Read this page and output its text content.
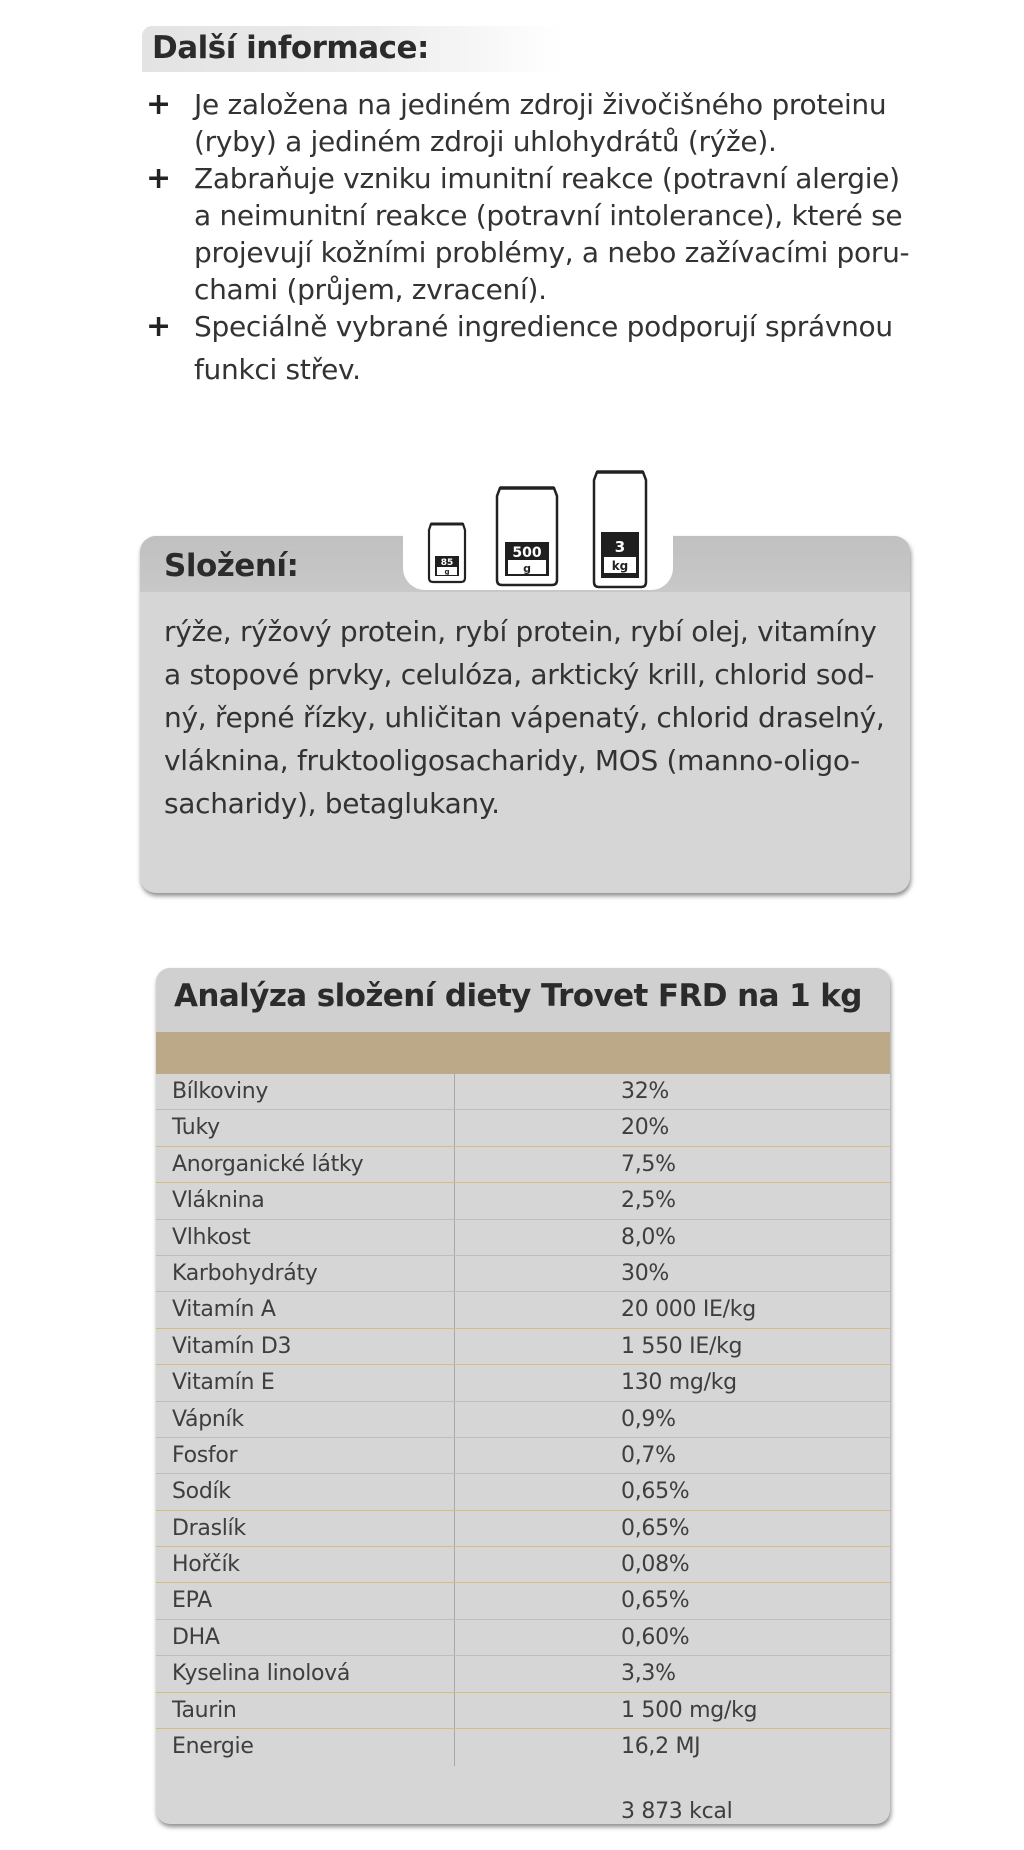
Další informace:
+ Je založena na jediném zdroji živočišného proteinu
(ryby) a jediném zdroji uhlohydrátů (rýže).
+ Zabraňuje vzniku imunitní reakce (potravní alergie)
a neimunitní reakce (potravní intolerance), které se
projevují kožními problémy, a nebo zažívacími poru-
chami (průjem, zvracení).
+ Speciálně vybrané ingredience podporují správnou
funkci střev.
Složení:
rýže, rýžový protein, rybí protein, rybí olej, vitamíny
a stopové prvky, celulóza, arktický krill, chlorid sod-
ný, řepné řízky, uhličitan vápenatý, chlorid draselný,
vláknina, fruktooligosacharidy, MOS (manno-oligo-
sacharidy), betaglukany.
85
g
500
g
3
kg
Analýza složení diety Trovet FRD na 1 kg
Bílkoviny	32%
Tuky	20%
Anorganické látky	7,5%
Vláknina	2,5%
Vlhkost	8,0%
Karbohydráty	30%
Vitamín A	20 000 IE/kg
Vitamín D3	1 550 IE/kg
Vitamín E	130 mg/kg
Vápník	0,9%
Fosfor	0,7%
Sodík	0,65%
Draslík	0,65%
Hořčík	0,08%
EPA	0,65%
DHA	0,60%
Kyselina linolová	3,3%
Taurin	1 500 mg/kg
Energie	16,2 MJ
3 873 kcal
